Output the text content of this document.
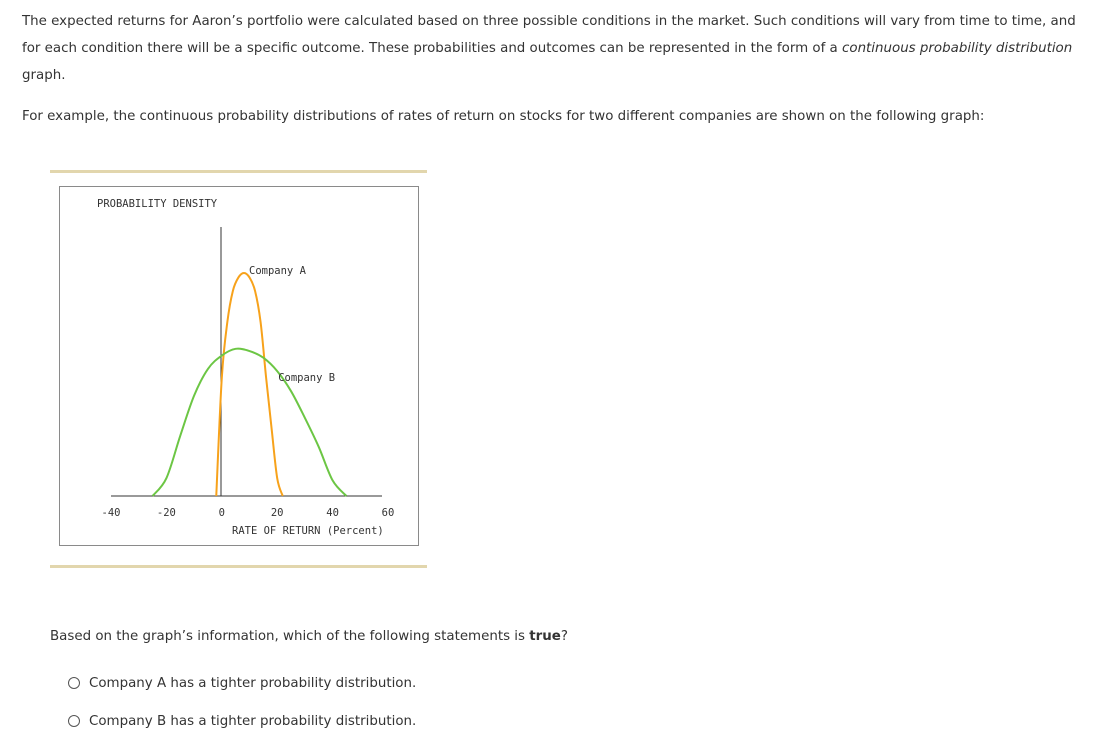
The expected returns for Aaron’s portfolio were calculated based on three possible conditions in the market. Such conditions will vary from time to time, and for each condition there will be a specific outcome. These probabilities and outcomes can be represented in the form of a continuous probability distribution graph.

For example, the continuous probability distributions of rates of return on stocks for two different companies are shown on the following graph:

PROBABILITY DENSITY
Company A
Company B
-40	-20	0	20	40	60
RATE OF RETURN (Percent)

Based on the graph’s information, which of the following statements is true?

Company A has a tighter probability distribution.
Company B has a tighter probability distribution.
